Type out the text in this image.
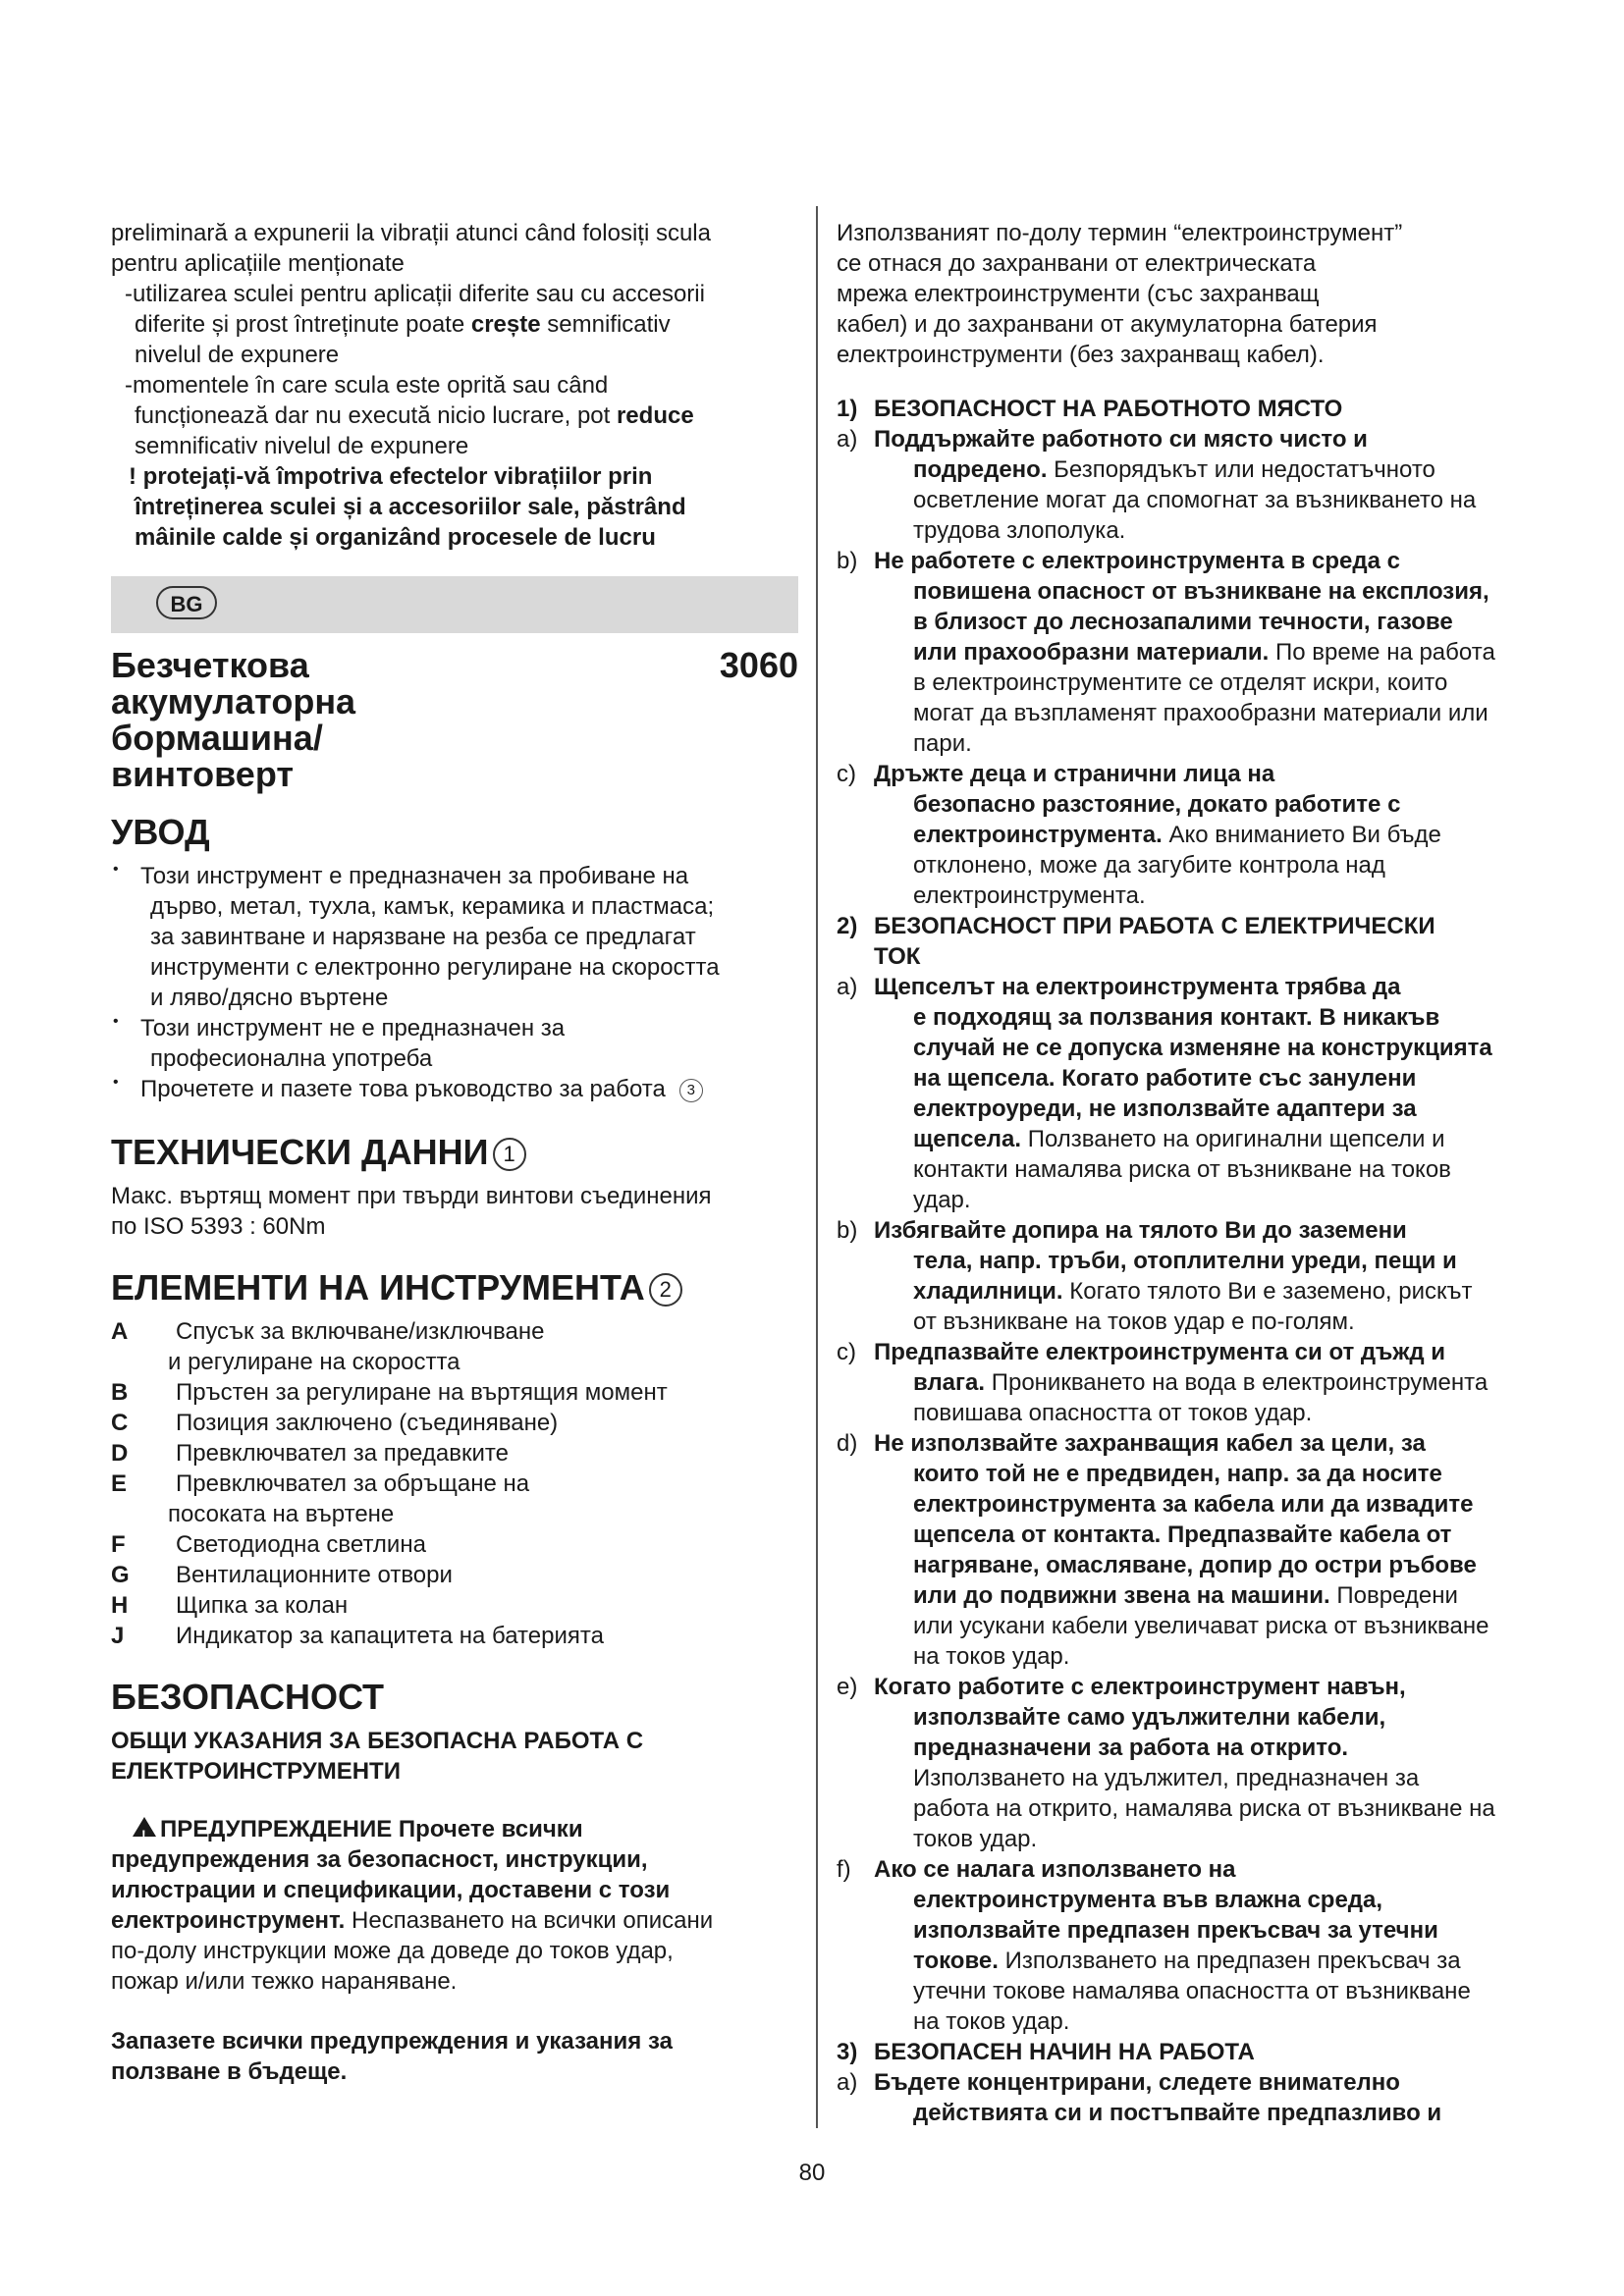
preliminară a expunerii la vibrații atunci când folosiți scula

pentru aplicațiile menționate

-utilizarea sculei pentru aplicații diferite sau cu accesorii

diferite și prost întreținute poate crește semnificativ

nivelul de expunere

-momentele în care scula este oprită sau când

funcționează dar nu execută nicio lucrare, pot reduce

semnificativ nivelul de expunere

! protejați-vă împotriva efectelor vibrațiilor prin

întreținerea sculei și a accesoriilor sale, păstrând

mâinile calde și organizând procesele de lucru

BG
Безчеткова
акумулаторна
бормашина/
винтоверт
3060
УВОД
• Този инструмент е предназначен за пробиване на

дърво, метал, тухла, камък, керамика и пластмаса;

за завинтване и нарязване на резба се предлагат

инструменти с електронно регулиране на скоростта

и ляво/дясно въртене

• Този инструмент не е предназначен за

професионална употреба

• Прочетете и пазете това ръководство за работа 3

ТЕХНИЧЕСКИ ДАННИ 1

Макс. въртящ момент при твърди винтови съединения

по ISO 5393 : 60Nm

ЕЛЕМЕНТИ НА ИНСТРУМЕНТА 2
A Спусък за включване/изключване
и регулиране на скоростта
B Пръстен за регулиране на въртящия момент
C Позиция заключено (съединяване)
D Превключвател за предавките
E Превключвател за обръщане на
посоката на въртене
F Светодиодна светлина
G Вентилационните отвори
H Щипка за колан
J Индикатор за капацитета на батерията
БЕЗОПАСНОСТ

ОБЩИ УКАЗАНИЯ ЗА БЕЗОПАСНА РАБОТА С

ЕЛЕКТРОИНСТРУМЕНТИ

! ПРЕДУПРЕЖДЕНИЕ Прочете всички

предупреждения за безопасност, инструкции,

илюстрации и спецификации, доставени с този

електроинструмент. Неспазването на всички описани

по-долу инструкции може да доведе до токов удар,

пожар и/или тежко нараняване.

Запазете всички предупреждения и указания за

ползване в бъдеще.

Използваният по-долу термин “електроинструмент”

се отнася до захранвани от електрическата

мрежа електроинструменти (със захранващ

кабел) и до захранвани от акумулаторна батерия

електроинструменти (без захранващ кабел).

1) БЕЗОПАСНОСТ НА РАБОТНОТО МЯСТО
a) Поддържайте работното си място чисто и
подредено. Безпорядъкът или недостатъчното
осветление могат да спомогнат за възникването на
трудова злополука.
b) Не работете с електроинструмента в среда с
повишена опасност от възникване на експлозия,
в близост до леснозапалими течности, газове
или прахообразни материали. По време на работа
в електроинструментите се отделят искри, които
могат да възпламенят прахообразни материали или
пари.
c) Дръжте деца и странични лица на
безопасно разстояние, докато работите с
електроинструмента. Ако вниманието Ви бъде
отклонено, може да загубите контрола над
електроинструмента.
2) БЕЗОПАСНОСТ ПРИ РАБОТА С ЕЛЕКТРИЧЕСКИ
ТОК
a) Щепселът на електроинструмента трябва да
е подходящ за ползвания контакт. В никакъв
случай не се допуска изменяне на конструкцията
на щепсела. Когато работите със занулени
електроуреди, не използвайте адаптери за
щепсела. Ползването на оригинални щепсели и
контакти намалява риска от възникване на токов
удар.
b) Избягвайте допира на тялото Ви до заземени
тела, напр. тръби, отоплителни уреди, пещи и
хладилници. Когато тялото Ви е заземено, рискът
от възникване на токов удар е по-голям.
c) Предпазвайте електроинструмента си от дъжд и
влага. Проникването на вода в електроинструмента
повишава опасността от токов удар.
d) Не използвайте захранващия кабел за цели, за
които той не е предвиден, напр. за да носите
електроинструмента за кабела или да извадите
щепсела от контакта. Предпазвайте кабела от
нагряване, омасляване, допир до остри ръбове
или до подвижни звена на машини. Повредени
или усукани кабели увеличават риска от възникване
на токов удар.
e) Когато работите с електроинструмент навън,
използвайте само удължителни кабели,
предназначени за работа на открито.
Използването на удължител, предназначен за
работа на открито, намалява риска от възникване на
токов удар.
f) Ако се налага използването на
електроинструмента във влажна среда,
използвайте предпазен прекъсвач за утечни
токове. Използването на предпазен прекъсвач за
утечни токове намалява опасността от възникване
на токов удар.
3) БЕЗОПАСЕН НАЧИН НА РАБОТА
a) Бъдете концентрирани, следете внимателно
действията си и постъпвайте предпазливо и
80
